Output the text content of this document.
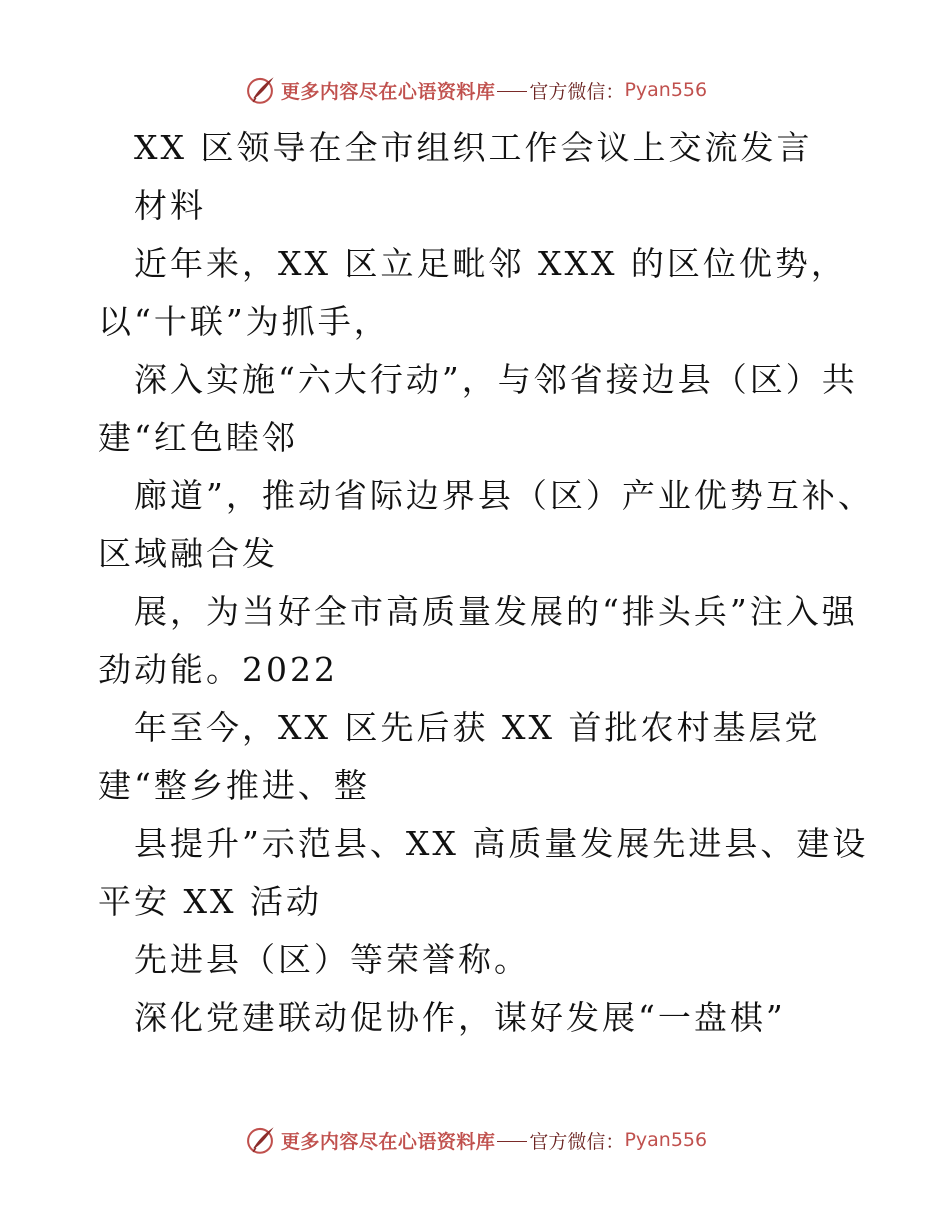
更多内容尽在心语资料库 官方微信： Pyan556
XX 区领导在全市组织工作会议上交流发言
材料
近年来，XX 区立足毗邻 XXX 的区位优势，
以“十联”为抓手，
深入实施“六大行动”，与邻省接边县（区）共
建“红色睦邻
廊道”，推动省际边界县（区）产业优势互补、
区域融合发
展，为当好全市高质量发展的“排头兵”注入强
劲动能。2022
年至今，XX 区先后获 XX 首批农村基层党
建“整乡推进、整
县提升”示范县、XX 高质量发展先进县、建设
平安 XX 活动
先进县（区）等荣誉称。
深化党建联动促协作，谋好发展“一盘棋”
更多内容尽在心语资料库 官方微信： Pyan556
